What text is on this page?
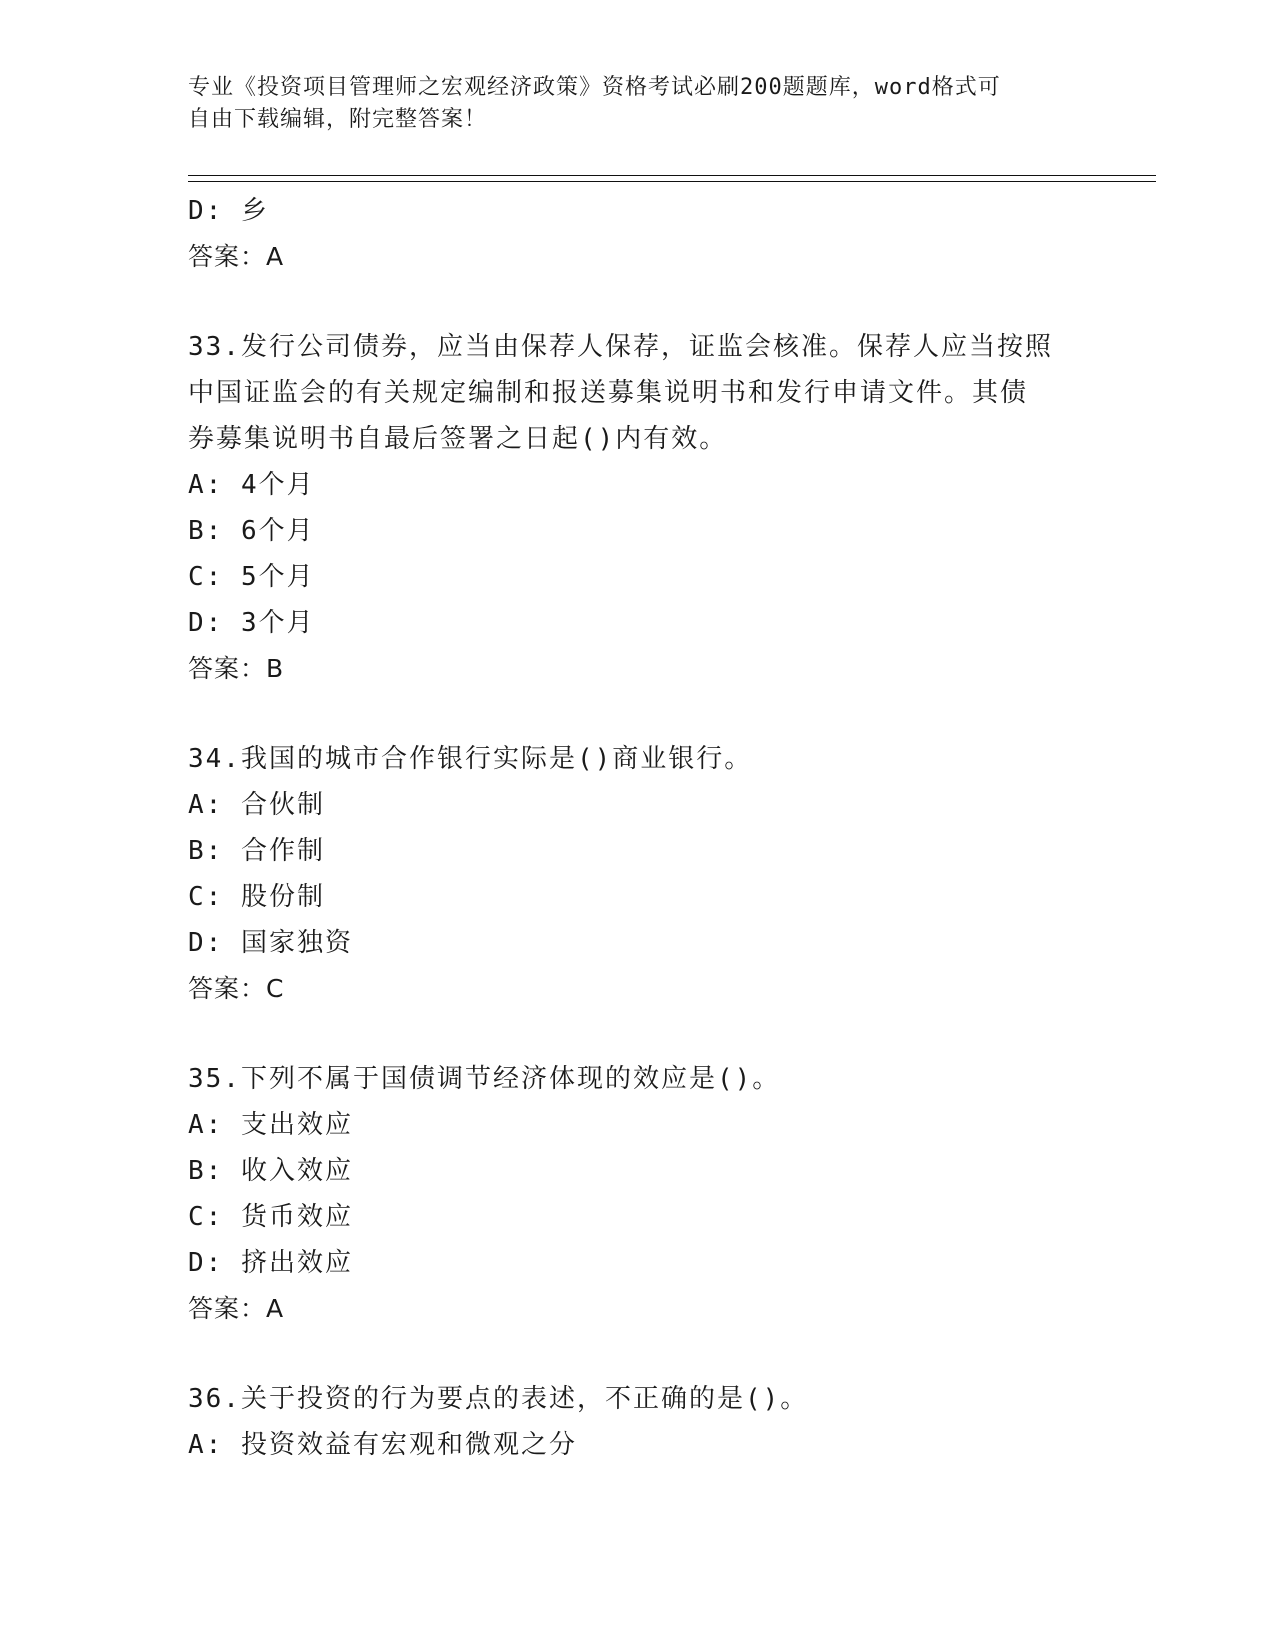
专业《投资项目管理师之宏观经济政策》资格考试必刷200题题库，word格式可
自由下载编辑，附完整答案！
D: 乡
答案：A
33.发行公司债券，应当由保荐人保荐，证监会核准。保荐人应当按照
中国证监会的有关规定编制和报送募集说明书和发行申请文件。其债
券募集说明书自最后签署之日起()内有效。
A: 4个月
B: 6个月
C: 5个月
D: 3个月
答案：B
34.我国的城市合作银行实际是()商业银行。
A: 合伙制
B: 合作制
C: 股份制
D: 国家独资
答案：C
35.下列不属于国债调节经济体现的效应是()。
A: 支出效应
B: 收入效应
C: 货币效应
D: 挤出效应
答案：A
36.关于投资的行为要点的表述，不正确的是()。
A: 投资效益有宏观和微观之分
